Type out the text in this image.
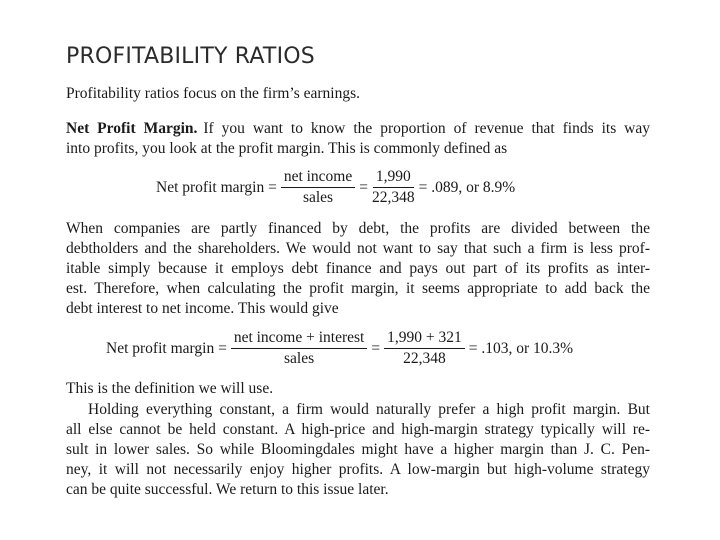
PROFITABILITY RATIOS

Profitability ratios focus on the firm’s earnings.

Net Profit Margin. If you want to know the proportion of revenue that finds its way
into profits, you look at the profit margin. This is commonly defined as
Net profit margin = $\frac{\text{net income}}{\text{sales}} = \frac{1,990}{22,348} = .089$, or 8.9%
When companies are partly financed by debt, the profits are divided between the
debtholders and the shareholders. We would not want to say that such a firm is less prof-
itable simply because it employs debt finance and pays out part of its profits as inter-
est. Therefore, when calculating the profit margin, it seems appropriate to add back the
debt interest to net income. This would give
Net profit margin = $\frac{\text{net income + interest}}{\text{sales}} = \frac{1,990 + 321}{22,348} = .103$, or 10.3%

This is the definition we will use.

Holding everything constant, a firm would naturally prefer a high profit margin. But
all else cannot be held constant. A high-price and high-margin strategy typically will re-
sult in lower sales. So while Bloomingdales might have a higher margin than J. C. Pen-
ney, it will not necessarily enjoy higher profits. A low-margin but high-volume strategy
can be quite successful. We return to this issue later.
